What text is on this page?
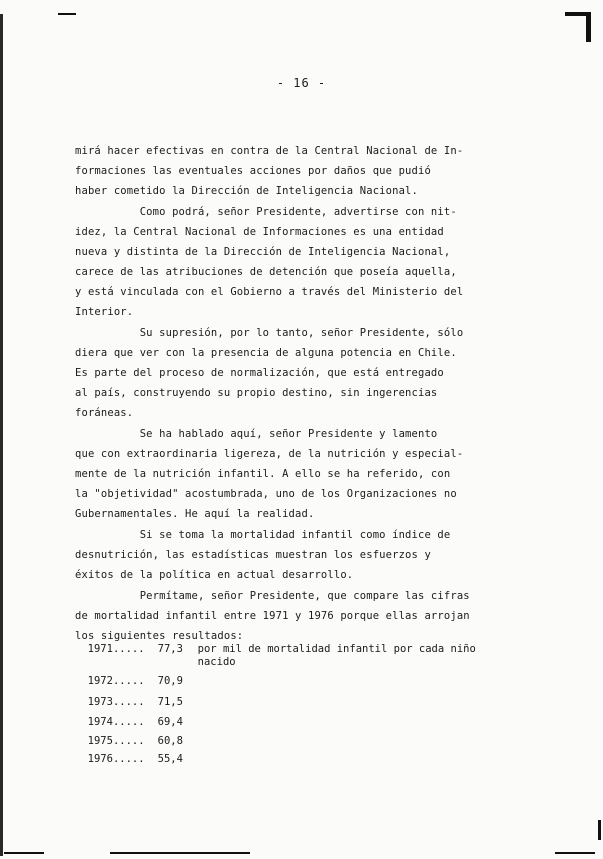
- 16 -
mirá hacer efectivas en contra de la Central Nacional de In-
formaciones las eventuales acciones por daños que pudió
haber cometido la Dirección de Inteligencia Nacional.
Como podrá, señor Presidente, advertirse con nit-
idez, la Central Nacional de Informaciones es una entidad
nueva y distinta de la Dirección de Inteligencia Nacional,
carece de las atribuciones de detención que poseía aquella,
y está vinculada con el Gobierno a través del Ministerio del
Interior.
Su supresión, por lo tanto, señor Presidente, sólo
diera que ver con la presencia de alguna potencia en Chile.
Es parte del proceso de normalización, que está entregado
al país, construyendo su propio destino, sin ingerencias
foráneas.
Se ha hablado aquí, señor Presidente y lamento
que con extraordinaria ligereza, de la nutrición y especial-
mente de la nutrición infantil. A ello se ha referido, con
la "objetividad" acostumbrada, uno de los Organizaciones no
Gubernamentales. He aquí la realidad.
Si se toma la mortalidad infantil como índice de
desnutrición, las estadísticas muestran los esfuerzos y
éxitos de la política en actual desarrollo.
Permítame, señor Presidente, que compare las cifras
de mortalidad infantil entre 1971 y 1976 porque ellas arrojan
los siguientes resultados:

1971..... 77,3 por mil de mortalidad infantil por cada niño

nacido

1972..... 70,9

1973..... 71,5

1974..... 69,4

1975..... 60,8

1976..... 55,4
